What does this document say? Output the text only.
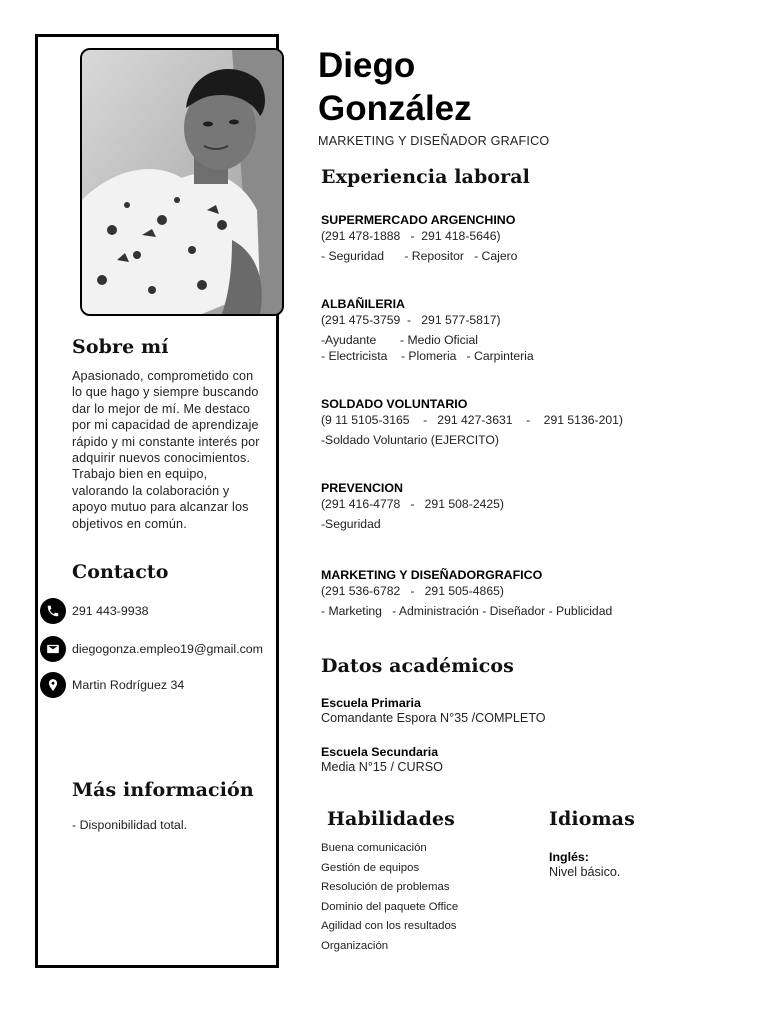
Sobre mí

Apasionado, comprometido con lo que hago y siempre buscando dar lo mejor de mí. Me destaco por mi capacidad de aprendizaje rápido y mi constante interés por adquirir nuevos conocimientos. Trabajo bien en equipo, valorando la colaboración y apoyo mutuo para alcanzar los objetivos en común.

Contacto
291 443-9938
diegogonza.empleo19@gmail.com
Martin Rodríguez 34
Más información

- Disponibilidad total.

Diego
González

MARKETING Y DISEÑADOR GRAFICO

Experiencia laboral

SUPERMERCADO ARGENCHINO

(291 478-1888   -  291 418-5646)

- Seguridad      - Repositor   - Cajero

ALBAÑILERIA

(291 475-3759  -   291 577-5817)

-Ayudante       - Medio Oficial

- Electricista    - Plomeria   - Carpinteria

SOLDADO VOLUNTARIO

(9 11 5105-3165    -   291 427-3631    -    291 5136-201)

-Soldado Voluntario (EJERCITO)

PREVENCION

(291 416-4778   -   291 508-2425)

-Seguridad

MARKETING Y DISEÑADORGRAFICO

(291 536-6782   -   291 505-4865)

- Marketing   - Administración - Diseñador - Publicidad

Datos académicos

Escuela Primaria

Comandante Espora N°35 /COMPLETO

Escuela Secundaria

Media N°15 / CURSO

Habilidades
Buena comunicación
Gestión de equipos
Resolución de problemas
Dominio del paquete Office
Agilidad con los resultados
Organización
Idiomas

Inglés:

Nivel básico.
